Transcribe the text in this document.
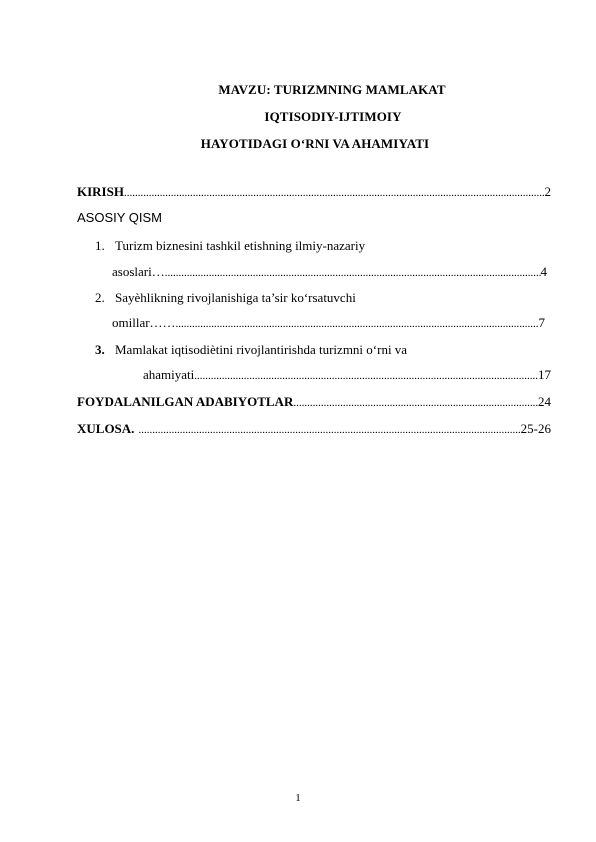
MAVZU: TURIZMNING MAMLAKAT
IQTISODIY-IJTIMOIY
HAYOTIDAGI O‘RNI VA AHAMIYATI
KIRISH .....	2
ASOSIY QISM
1. Turizm biznesini tashkil etishning ilmiy-nazariy
asoslari… .....	4
2. Sayèhlikning rivojlanishiga ta’sir ko‘rsatuvchi
omillar…… .....	7
3. Mamlakat iqtisodiètini rivojlantirishda turizmni o‘rni va
ahamiyati .....	17
FOYDALANILGAN ADABIYOTLAR .....	24
XULOSA. .....	25-26
1
